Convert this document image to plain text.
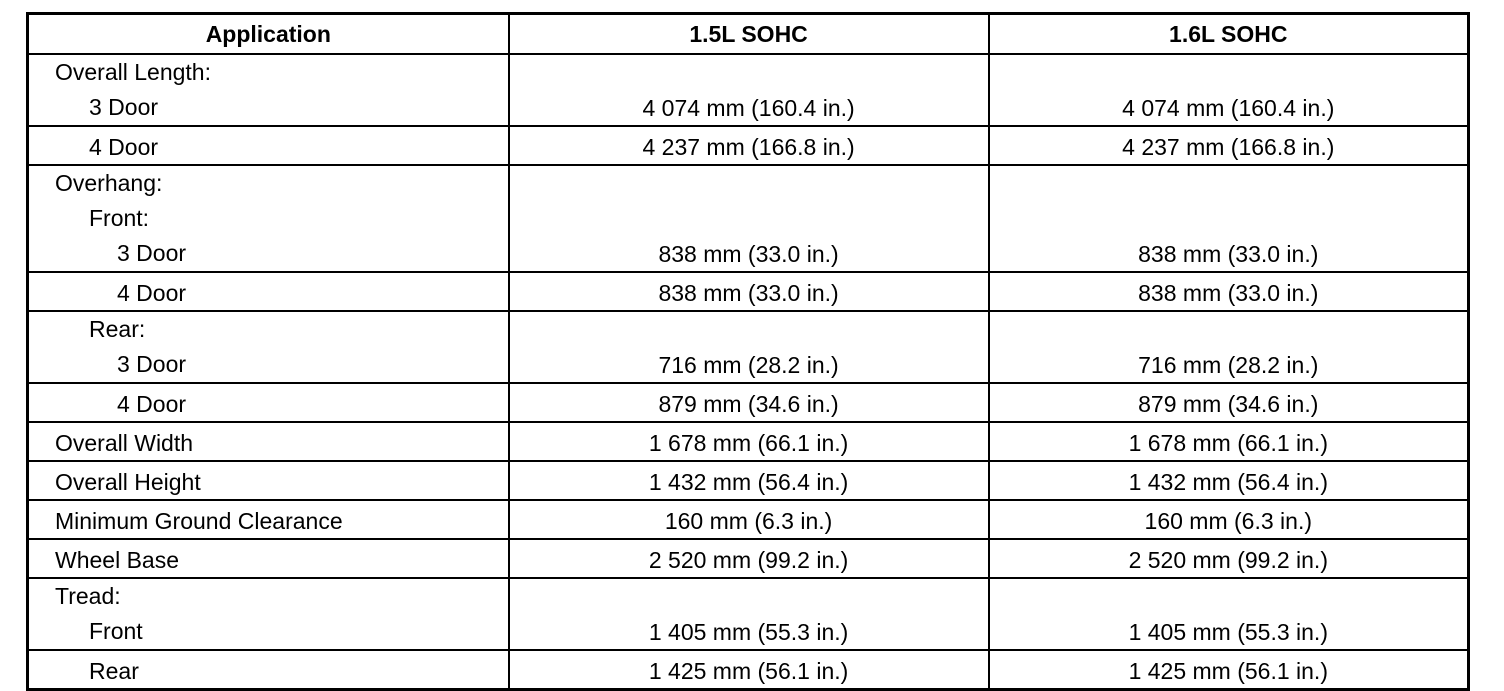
Application	1.5L SOHC	1.6L SOHC

Overall Length:
3 Door	4 074 mm (160.4 in.)	4 074 mm (160.4 in.)

4 Door	4 237 mm (166.8 in.)	4 237 mm (166.8 in.)

Overhang:
Front:
3 Door	838 mm (33.0 in.)	838 mm (33.0 in.)

4 Door	838 mm (33.0 in.)	838 mm (33.0 in.)

Rear:
3 Door	716 mm (28.2 in.)	716 mm (28.2 in.)

4 Door	879 mm (34.6 in.)	879 mm (34.6 in.)

Overall Width	1 678 mm (66.1 in.)	1 678 mm (66.1 in.)

Overall Height	1 432 mm (56.4 in.)	1 432 mm (56.4 in.)

Minimum Ground Clearance	160 mm (6.3 in.)	160 mm (6.3 in.)

Wheel Base	2 520 mm (99.2 in.)	2 520 mm (99.2 in.)

Tread:
Front	1 405 mm (55.3 in.)	1 405 mm (55.3 in.)

Rear	1 425 mm (56.1 in.)	1 425 mm (56.1 in.)
